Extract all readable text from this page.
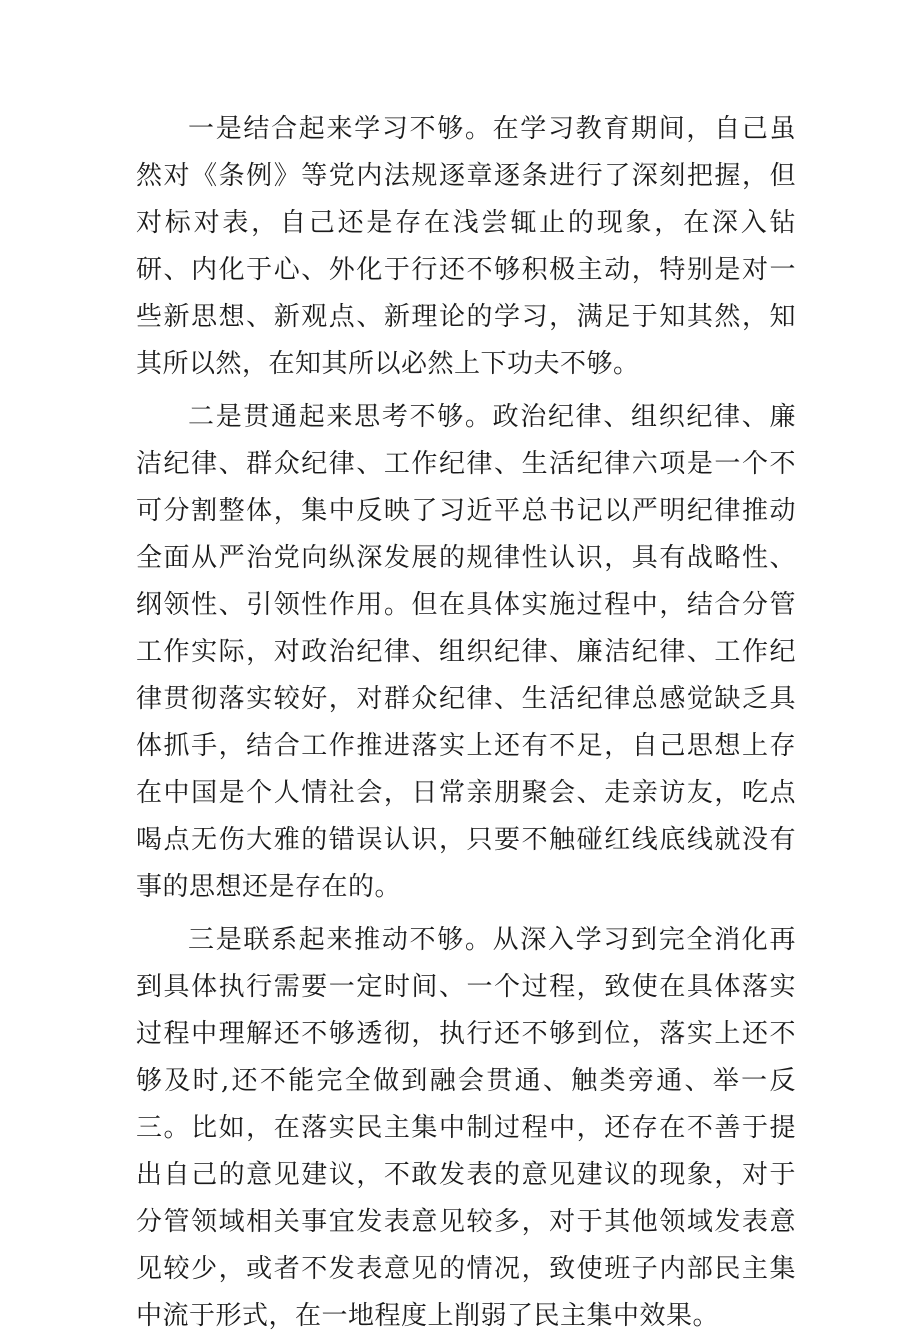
一是结合起来学习不够。在学习教育期间，自己虽然对《条例》等党内法规逐章逐条进行了深刻把握，但对标对表，自己还是存在浅尝辄止的现象，在深入钻研、内化于心、外化于行还不够积极主动，特别是对一些新思想、新观点、新理论的学习，满足于知其然，知其所以然，在知其所以必然上下功夫不够。

二是贯通起来思考不够。政治纪律、组织纪律、廉洁纪律、群众纪律、工作纪律、生活纪律六项是一个不可分割整体，集中反映了习近平总书记以严明纪律推动全面从严治党向纵深发展的规律性认识，具有战略性、纲领性、引领性作用。但在具体实施过程中，结合分管工作实际，对政治纪律、组织纪律、廉洁纪律、工作纪律贯彻落实较好，对群众纪律、生活纪律总感觉缺乏具体抓手，结合工作推进落实上还有不足，自己思想上存在中国是个人情社会，日常亲朋聚会、走亲访友，吃点喝点无伤大雅的错误认识，只要不触碰红线底线就没有事的思想还是存在的。

三是联系起来推动不够。从深入学习到完全消化再到具体执行需要一定时间、一个过程，致使在具体落实过程中理解还不够透彻，执行还不够到位，落实上还不够及时,还不能完全做到融会贯通、触类旁通、举一反三。比如，在落实民主集中制过程中，还存在不善于提出自己的意见建议，不敢发表的意见建议的现象，对于分管领域相关事宜发表意见较多，对于其他领域发表意见较少，或者不发表意见的情况，致使班子内部民主集中流于形式，在一地程度上削弱了民主集中效果。
